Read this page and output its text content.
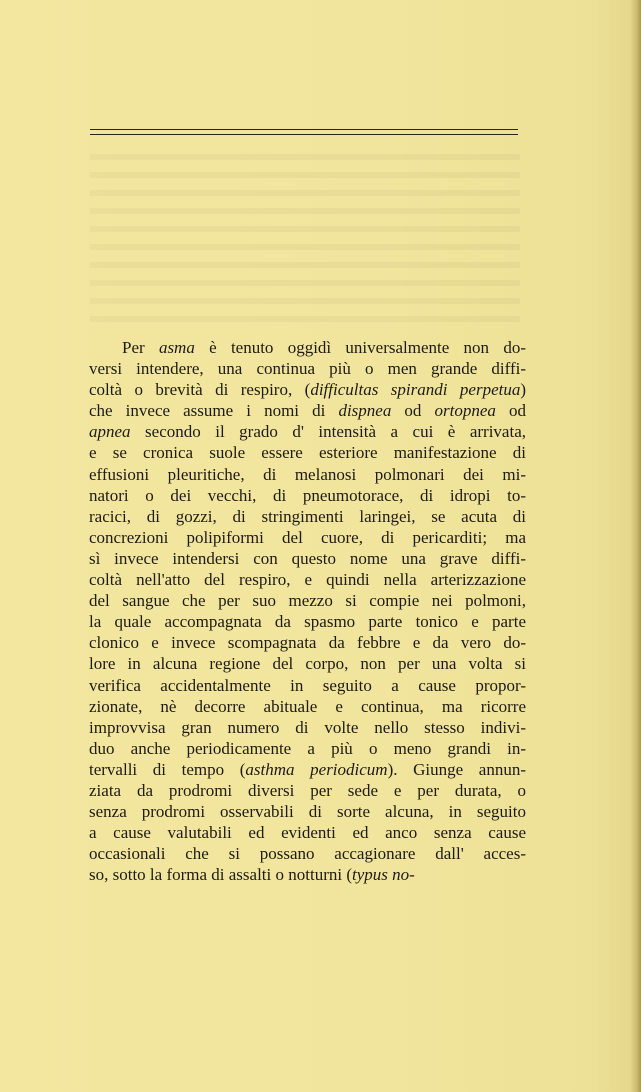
Per asma è tenuto oggidì universalmente non do-
versi intendere, una continua più o men grande diffi-
coltà o brevità di respiro, (difficultas spirandi perpetua)
che invece assume i nomi di dispnea od ortopnea od
apnea secondo il grado d' intensità a cui è arrivata,
e se cronica suole essere esteriore manifestazione di
effusioni pleuritiche, di melanosi polmonari dei mi-
natori o dei vecchi, di pneumotorace, di idropi to-
racici, di gozzi, di stringimenti laringei, se acuta di
concrezioni polipiformi del cuore, di pericarditi; ma
sì invece intendersi con questo nome una grave diffi-
coltà nell'atto del respiro, e quindi nella arterizzazione
del sangue che per suo mezzo si compie nei polmoni,
la quale accompagnata da spasmo parte tonico e parte
clonico e invece scompagnata da febbre e da vero do-
lore in alcuna regione del corpo, non per una volta si
verifica accidentalmente in seguito a cause propor-
zionate, nè decorre abituale e continua, ma ricorre
improvvisa gran numero di volte nello stesso indivi-
duo anche periodicamente a più o meno grandi in-
tervalli di tempo (asthma periodicum). Giunge annun-
ziata da prodromi diversi per sede e per durata, o
senza prodromi osservabili di sorte alcuna, in seguito
a cause valutabili ed evidenti ed anco senza cause
occasionali che si possano accagionare dall' acces-
so, sotto la forma di assalti o notturni (typus no-
